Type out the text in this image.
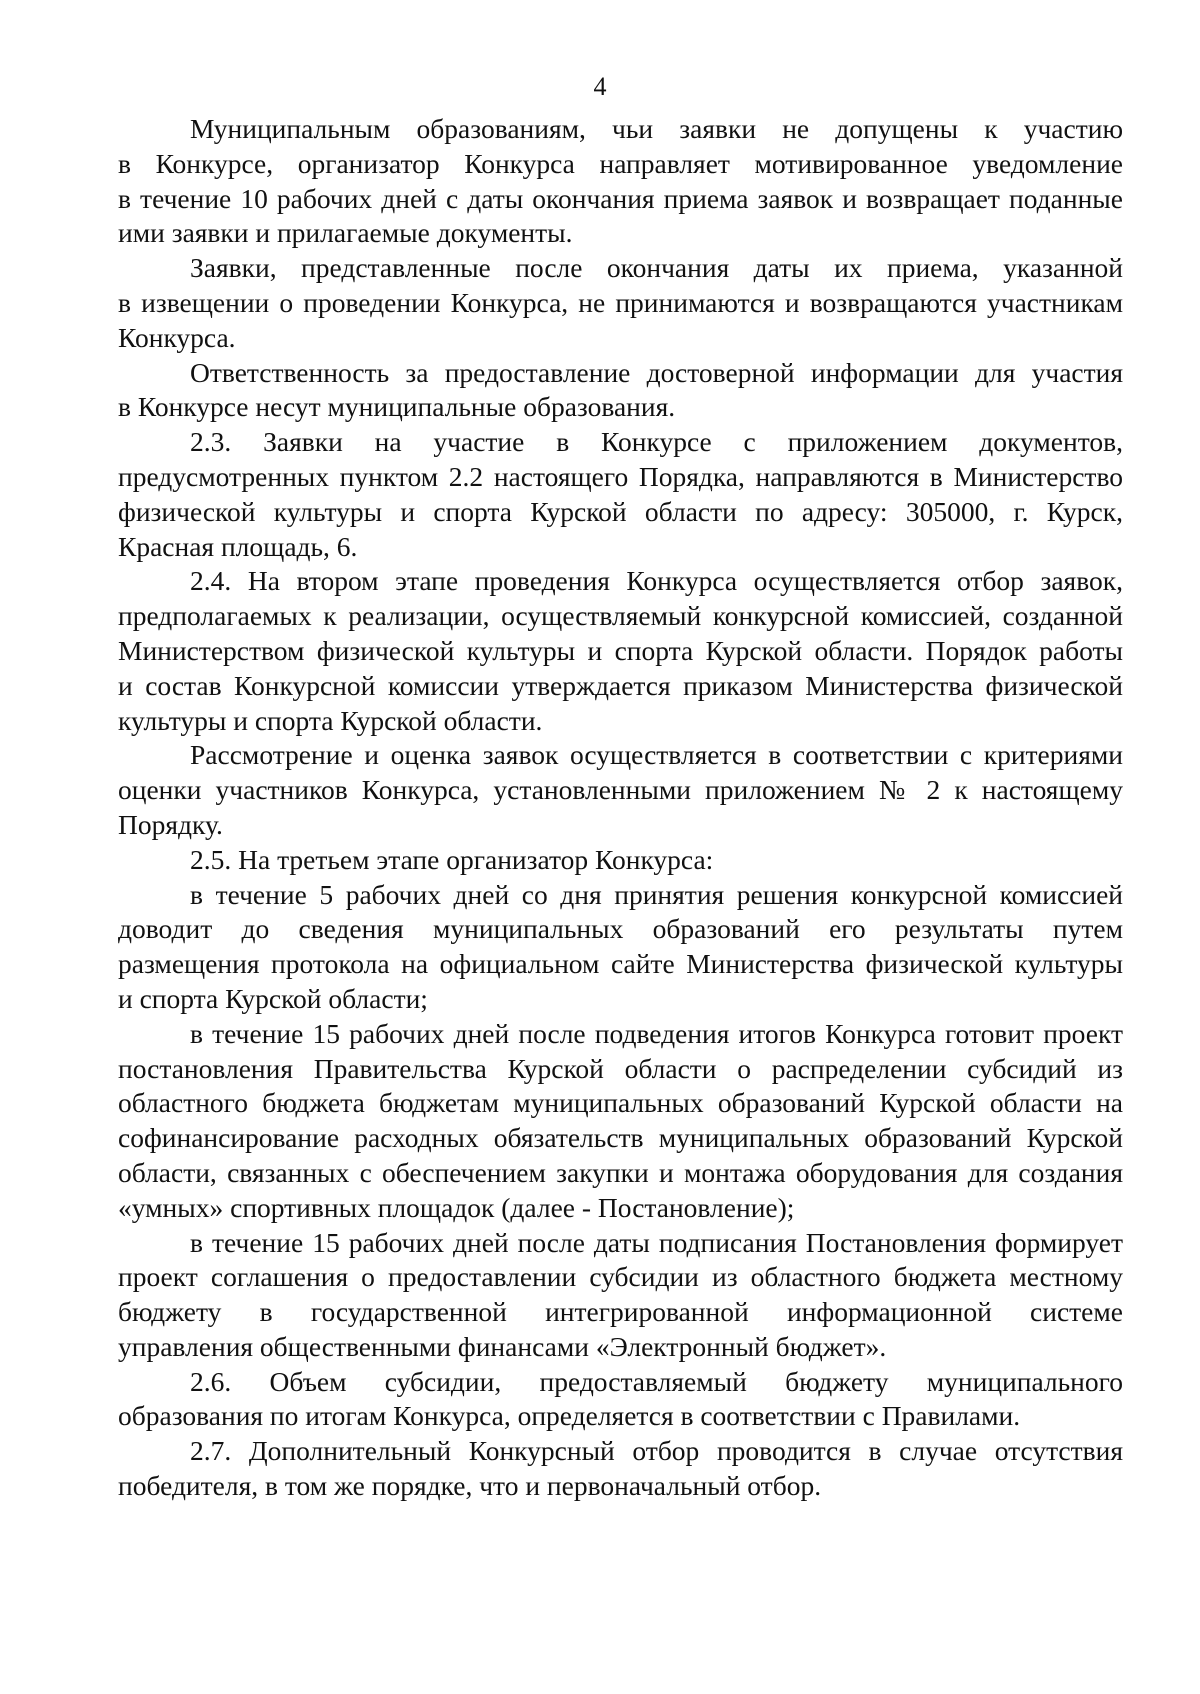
4

Муниципальным образованиям, чьи заявки не допущены к участию
в Конкурсе, организатор Конкурса направляет мотивированное уведомление
в течение 10 рабочих дней с даты окончания приема заявок и возвращает поданные
ими заявки и прилагаемые документы.

Заявки, представленные после окончания даты их приема, указанной
в извещении о проведении Конкурса, не принимаются и возвращаются участникам
Конкурса.

Ответственность за предоставление достоверной информации для участия
в Конкурсе несут муниципальные образования.

2.3. Заявки на участие в Конкурсе с приложением документов,
предусмотренных пунктом 2.2 настоящего Порядка, направляются в Министерство
физической культуры и спорта Курской области по адресу: 305000, г. Курск,
Красная площадь, 6.

2.4. На втором этапе проведения Конкурса осуществляется отбор заявок,
предполагаемых к реализации, осуществляемый конкурсной комиссией, созданной
Министерством физической культуры и спорта Курской области. Порядок работы
и состав Конкурсной комиссии утверждается приказом Министерства физической
культуры и спорта Курской области.

Рассмотрение и оценка заявок осуществляется в соответствии с критериями
оценки участников Конкурса, установленными приложением № 2 к настоящему
Порядку.

2.5. На третьем этапе организатор Конкурса:

в течение 5 рабочих дней со дня принятия решения конкурсной комиссией
доводит до сведения муниципальных образований его результаты путем
размещения протокола на официальном сайте Министерства физической культуры
и спорта Курской области;

в течение 15 рабочих дней после подведения итогов Конкурса готовит проект
постановления Правительства Курской области о распределении субсидий из
областного бюджета бюджетам муниципальных образований Курской области на
софинансирование расходных обязательств муниципальных образований Курской
области, связанных с обеспечением закупки и монтажа оборудования для создания
«умных» спортивных площадок (далее - Постановление);

в течение 15 рабочих дней после даты подписания Постановления формирует
проект соглашения о предоставлении субсидии из областного бюджета местному
бюджету в государственной интегрированной информационной системе
управления общественными финансами «Электронный бюджет».

2.6. Объем субсидии, предоставляемый бюджету муниципального
образования по итогам Конкурса, определяется в соответствии с Правилами.

2.7. Дополнительный Конкурсный отбор проводится в случае отсутствия
победителя, в том же порядке, что и первоначальный отбор.
